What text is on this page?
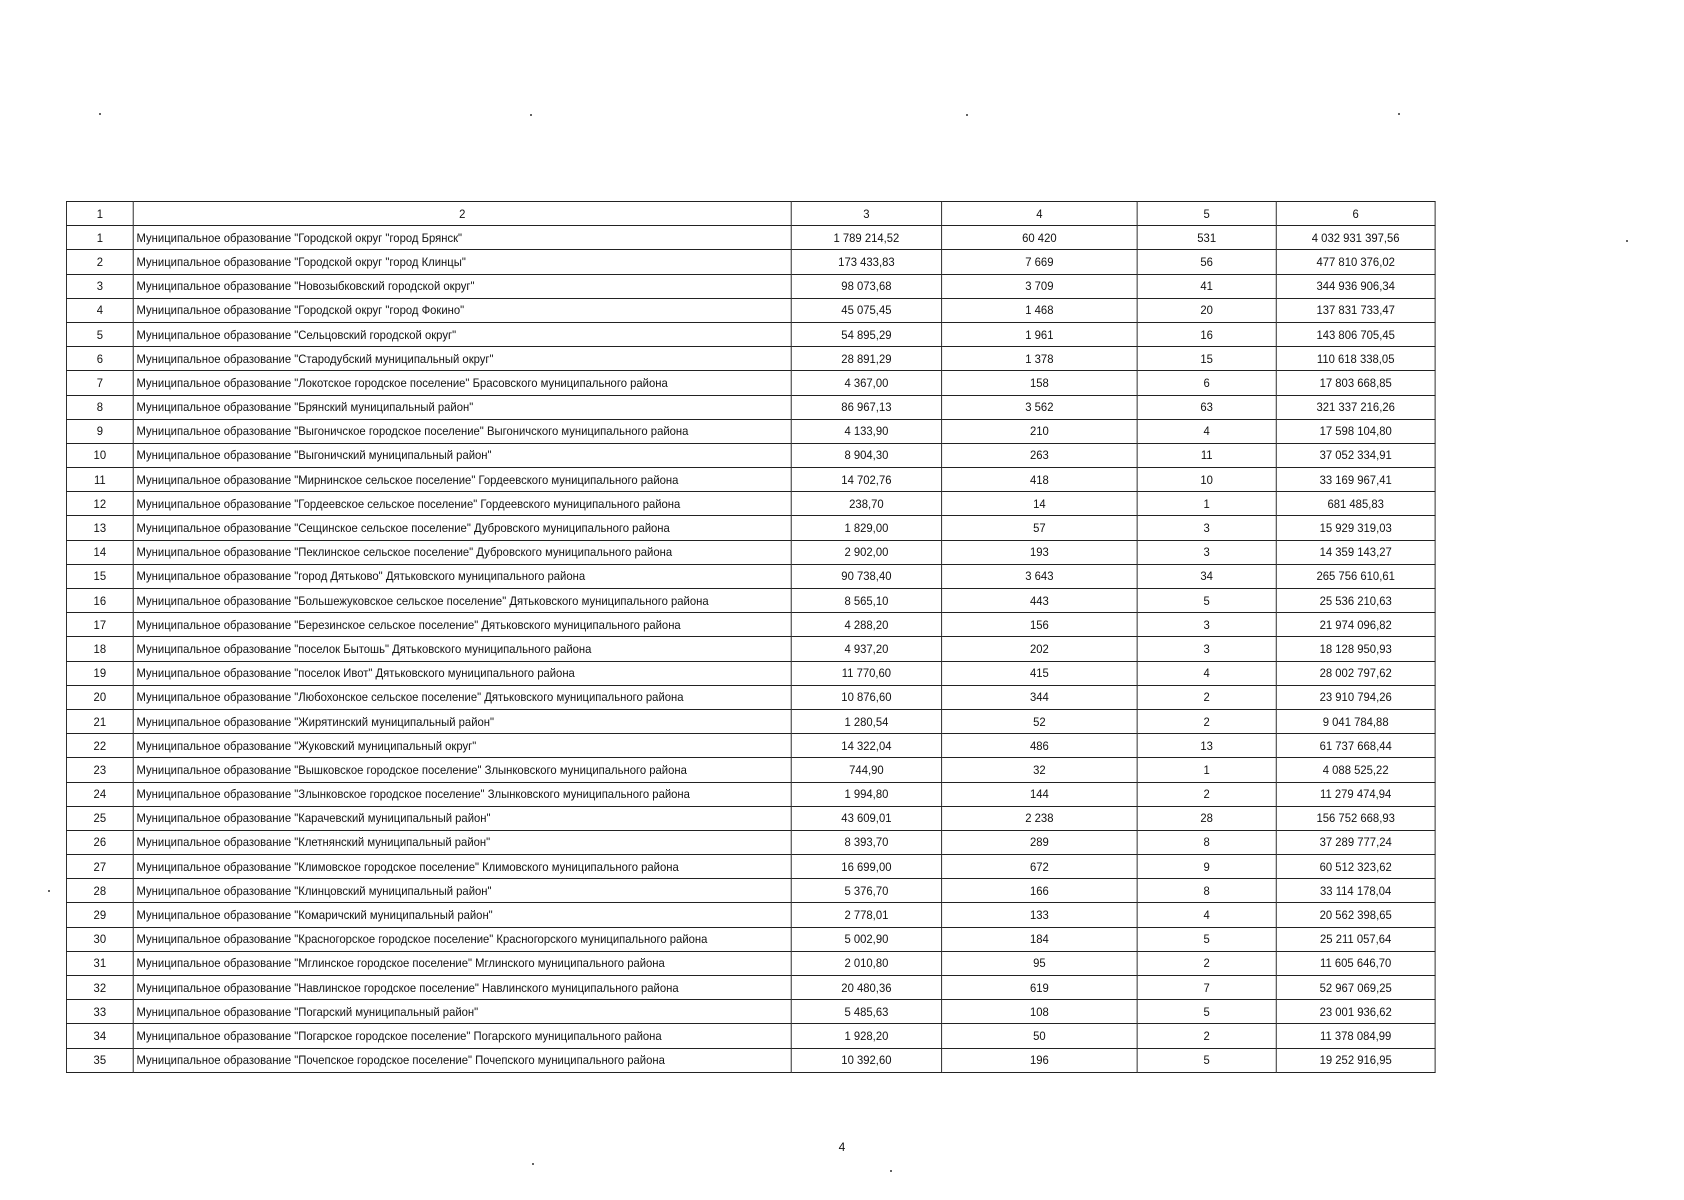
1	2	3	4	5	6
1	Муниципальное образование "Городской округ "город Брянск"	1 789 214,52	60 420	531	4 032 931 397,56
2	Муниципальное образование "Городской округ "город Клинцы"	173 433,83	7 669	56	477 810 376,02
3	Муниципальное образование "Новозыбковский городской округ"	98 073,68	3 709	41	344 936 906,34
4	Муниципальное образование "Городской округ "город Фокино"	45 075,45	1 468	20	137 831 733,47
5	Муниципальное образование "Сельцовский городской округ"	54 895,29	1 961	16	143 806 705,45
6	Муниципальное образование "Стародубский муниципальный округ"	28 891,29	1 378	15	110 618 338,05
7	Муниципальное образование "Локотское городское поселение" Брасовского муниципального района	4 367,00	158	6	17 803 668,85
8	Муниципальное образование "Брянский муниципальный район"	86 967,13	3 562	63	321 337 216,26
9	Муниципальное образование "Выгоничское городское поселение" Выгоничского муниципального района	4 133,90	210	4	17 598 104,80
10	Муниципальное образование "Выгоничский муниципальный район"	8 904,30	263	11	37 052 334,91
11	Муниципальное образование "Мирнинское сельское поселение" Гордеевского муниципального района	14 702,76	418	10	33 169 967,41
12	Муниципальное образование "Гордеевское сельское поселение" Гордеевского муниципального района	238,70	14	1	681 485,83
13	Муниципальное образование "Сещинское сельское поселение" Дубровского муниципального района	1 829,00	57	3	15 929 319,03
14	Муниципальное образование "Пеклинское сельское поселение" Дубровского муниципального района	2 902,00	193	3	14 359 143,27
15	Муниципальное образование "город Дятьково" Дятьковского муниципального района	90 738,40	3 643	34	265 756 610,61
16	Муниципальное образование "Большежуковское сельское поселение" Дятьковского муниципального района	8 565,10	443	5	25 536 210,63
17	Муниципальное образование "Березинское сельское поселение" Дятьковского муниципального района	4 288,20	156	3	21 974 096,82
18	Муниципальное образование "поселок Бытошь" Дятьковского муниципального района	4 937,20	202	3	18 128 950,93
19	Муниципальное образование "поселок Ивот" Дятьковского муниципального района	11 770,60	415	4	28 002 797,62
20	Муниципальное образование "Любохонское сельское поселение" Дятьковского муниципального района	10 876,60	344	2	23 910 794,26
21	Муниципальное образование "Жирятинский муниципальный район"	1 280,54	52	2	9 041 784,88
22	Муниципальное образование "Жуковский муниципальный округ"	14 322,04	486	13	61 737 668,44
23	Муниципальное образование "Вышковское городское поселение" Злынковского муниципального района	744,90	32	1	4 088 525,22
24	Муниципальное образование "Злынковское городское поселение" Злынковского муниципального района	1 994,80	144	2	11 279 474,94
25	Муниципальное образование "Карачевский муниципальный район"	43 609,01	2 238	28	156 752 668,93
26	Муниципальное образование "Клетнянский муниципальный район"	8 393,70	289	8	37 289 777,24
27	Муниципальное образование "Климовское городское поселение" Климовского муниципального района	16 699,00	672	9	60 512 323,62
28	Муниципальное образование "Клинцовский муниципальный район"	5 376,70	166	8	33 114 178,04
29	Муниципальное образование "Комаричский муниципальный район"	2 778,01	133	4	20 562 398,65
30	Муниципальное образование "Красногорское городское поселение" Красногорского муниципального района	5 002,90	184	5	25 211 057,64
31	Муниципальное образование "Мглинское городское поселение" Мглинского муниципального района	2 010,80	95	2	11 605 646,70
32	Муниципальное образование "Навлинское городское поселение" Навлинского муниципального района	20 480,36	619	7	52 967 069,25
33	Муниципальное образование "Погарский муниципальный район"	5 485,63	108	5	23 001 936,62
34	Муниципальное образование "Погарское городское поселение" Погарского муниципального района	1 928,20	50	2	11 378 084,99
35	Муниципальное образование "Почепское городское поселение" Почепского муниципального района	10 392,60	196	5	19 252 916,95
4
